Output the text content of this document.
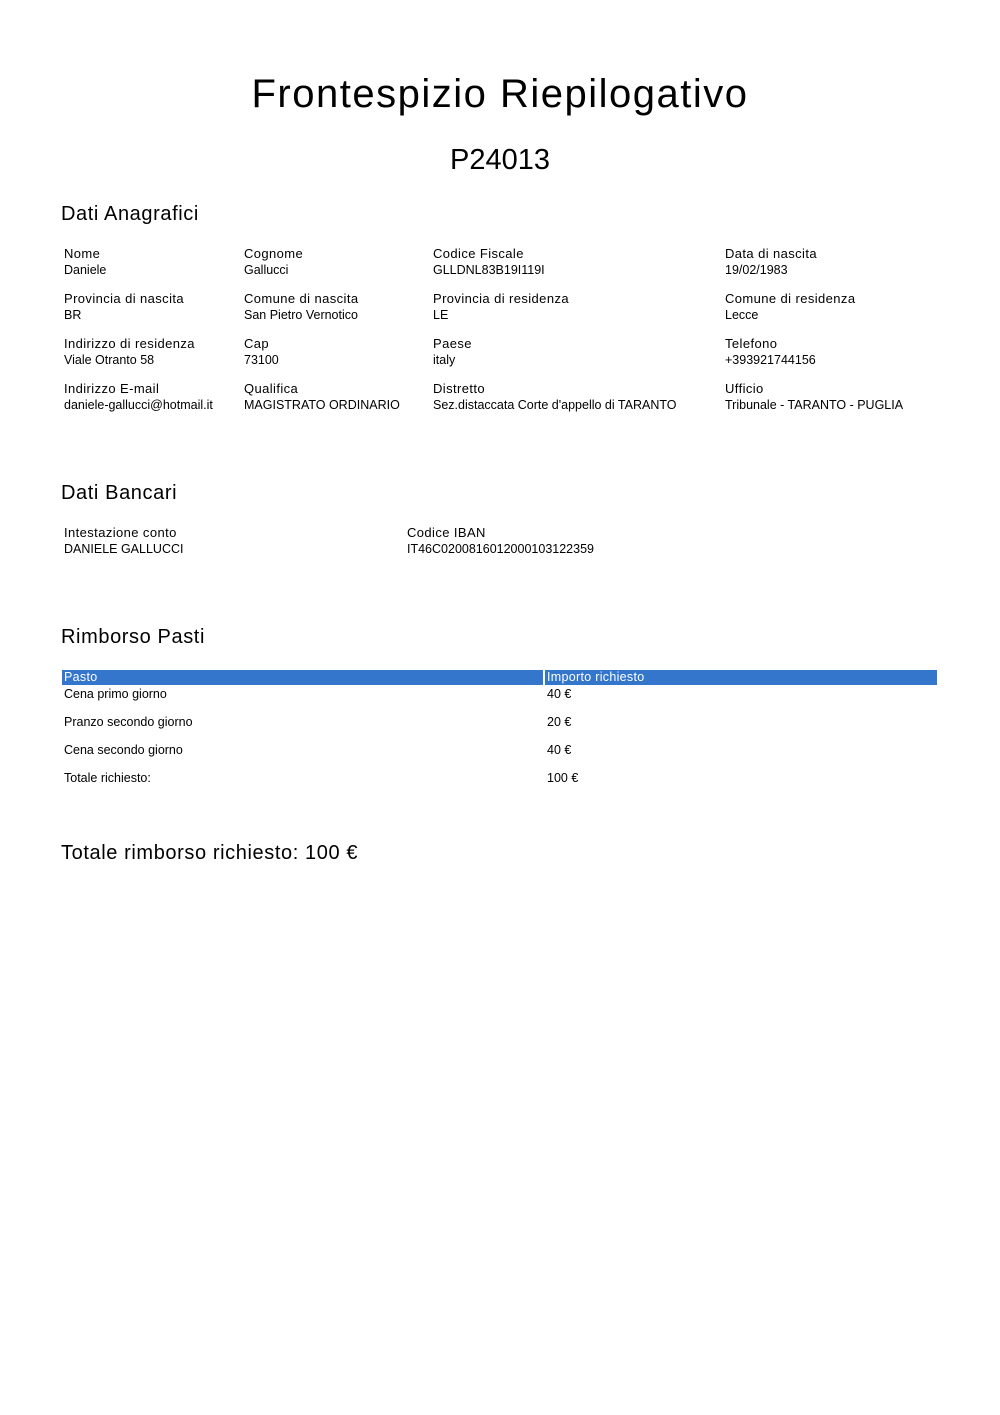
Frontespizio Riepilogativo
P24013
Dati Anagrafici
Nome
Daniele
Cognome
Gallucci
Codice Fiscale
GLLDNL83B19I119I
Data di nascita
19/02/1983
Provincia di nascita
BR
Comune di nascita
San Pietro Vernotico
Provincia di residenza
LE
Comune di residenza
Lecce
Indirizzo di residenza
Viale Otranto 58
Cap
73100
Paese
italy
Telefono
+393921744156
Indirizzo E-mail
daniele-gallucci@hotmail.it
Qualifica
MAGISTRATO ORDINARIO
Distretto
Sez.distaccata Corte d'appello di TARANTO
Ufficio
Tribunale - TARANTO - PUGLIA
Dati Bancari
Intestazione conto
DANIELE GALLUCCI
Codice IBAN
IT46C0200816012000103122359
Rimborso Pasti
Pasto	Importo richiesto
Cena primo giorno	40 €
Pranzo secondo giorno	20 €
Cena secondo giorno	40 €
Totale richiesto:	100 €
Totale rimborso richiesto: 100 €
